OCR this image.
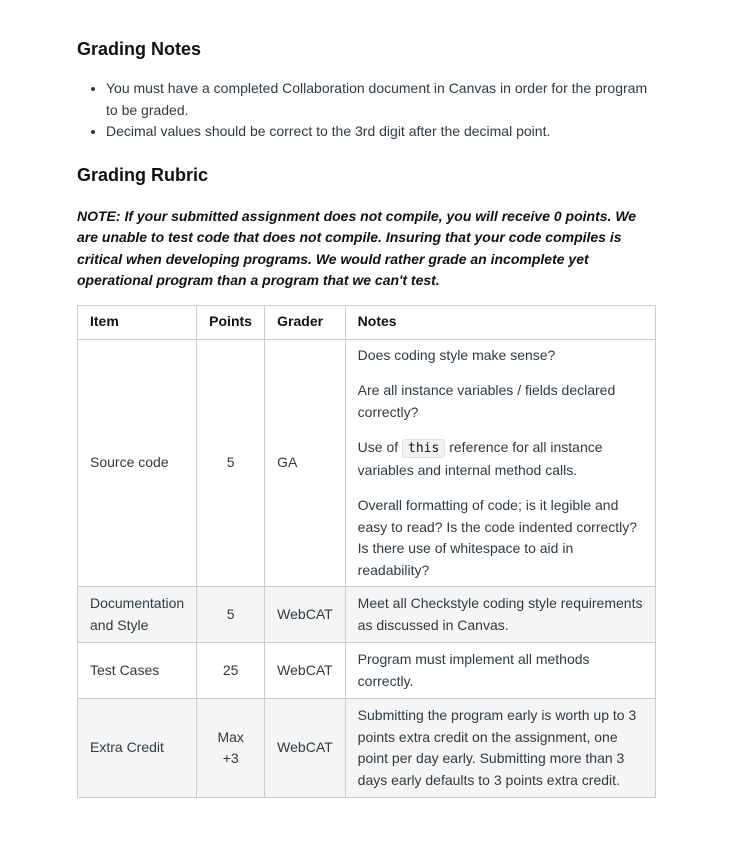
Grading Notes
• You must have a completed Collaboration document in Canvas in order for the program to be graded.
• Decimal values should be correct to the 3rd digit after the decimal point.
Grading Rubric
NOTE: If your submitted assignment does not compile, you will receive 0 points. We are unable to test code that does not compile. Insuring that your code compiles is critical when developing programs. We would rather grade an incomplete yet operational program than a program that we can't test.
Item	Points	Grader	Notes
Source code	5	GA	Does coding style make sense?

Are all instance variables / fields declared correctly?

Use of this reference for all instance variables and internal method calls.

Overall formatting of code; is it legible and easy to read? Is the code indented correctly? Is there use of whitespace to aid in readability?

Documentation and Style	5	WebCAT	Meet all Checkstyle coding style requirements as discussed in Canvas.
Test Cases	25	WebCAT	Program must implement all methods correctly.
Extra Credit	Max +3	WebCAT	Submitting the program early is worth up to 3 points extra credit on the assignment, one point per day early. Submitting more than 3 days early defaults to 3 points extra credit.
